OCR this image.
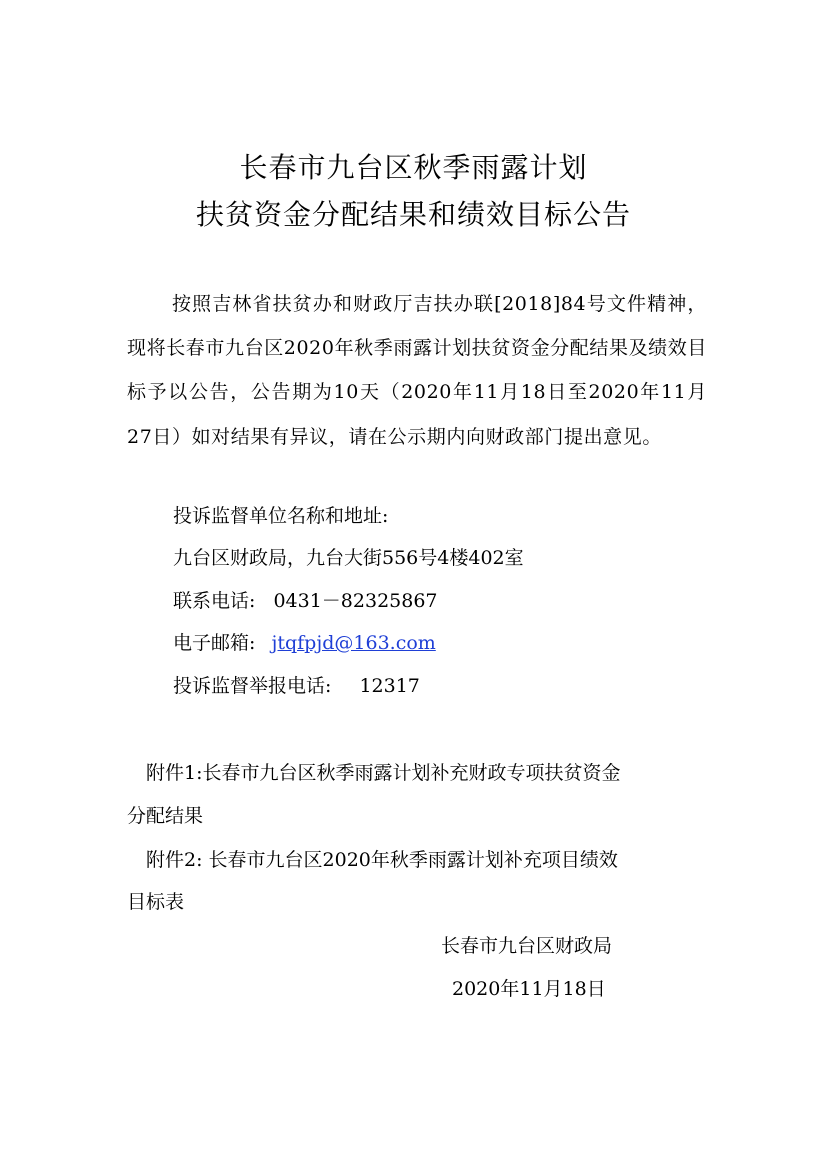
长春市九台区秋季雨露计划
扶贫资金分配结果和绩效目标公告
按照吉林省扶贫办和财政厅吉扶办联[2018]84号文件精神，现将长春市九台区2020年秋季雨露计划扶贫资金分配结果及绩效目标予以公告，公告期为10天（2020年11月18日至2020年11月27日）如对结果有异议，请在公示期内向财政部门提出意见。
投诉监督单位名称和地址:
九台区财政局，九台大街556号4楼402室
联系电话: 0431－82325867
电子邮箱: jtqfpjd@163.com
投诉监督举报电话: 12317
附件1:长春市九台区秋季雨露计划补充财政专项扶贫资金
分配结果
附件2: 长春市九台区2020年秋季雨露计划补充项目绩效
目标表
长春市九台区财政局
2020年11月18日
